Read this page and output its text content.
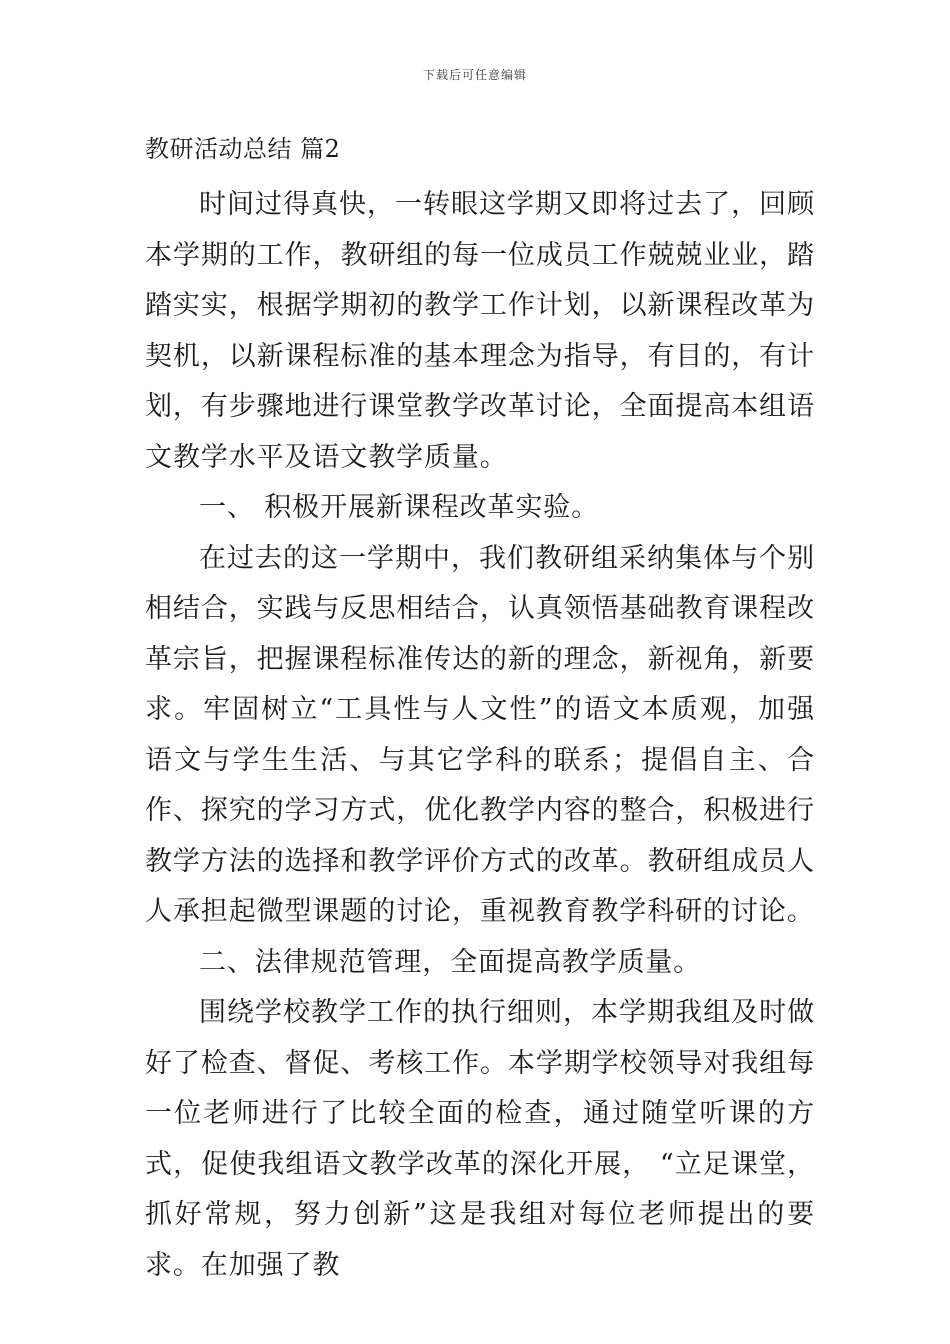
下载后可任意编辑
教研活动总结 篇2

时间过得真快，一转眼这学期又即将过去了，回顾本学期的工作，教研组的每一位成员工作兢兢业业，踏踏实实，根据学期初的教学工作计划，以新课程改革为契机，以新课程标准的基本理念为指导，有目的，有计划，有步骤地进行课堂教学改革讨论，全面提高本组语文教学水平及语文教学质量。

一、 积极开展新课程改革实验。

在过去的这一学期中，我们教研组采纳集体与个别相结合，实践与反思相结合，认真领悟基础教育课程改革宗旨，把握课程标准传达的新的理念，新视角，新要求。牢固树立“工具性与人文性”的语文本质观，加强语文与学生生活、与其它学科的联系；提倡自主、合作、探究的学习方式，优化教学内容的整合，积极进行教学方法的选择和教学评价方式的改革。教研组成员人人承担起微型课题的讨论，重视教育教学科研的讨论。

二、法律规范管理，全面提高教学质量。

围绕学校教学工作的执行细则，本学期我组及时做好了检查、督促、考核工作。本学期学校领导对我组每一位老师进行了比较全面的检查，通过随堂听课的方式，促使我组语文教学改革的深化开展， “立足课堂，抓好常规，努力创新”这是我组对每位老师提出的要求。在加强了教
